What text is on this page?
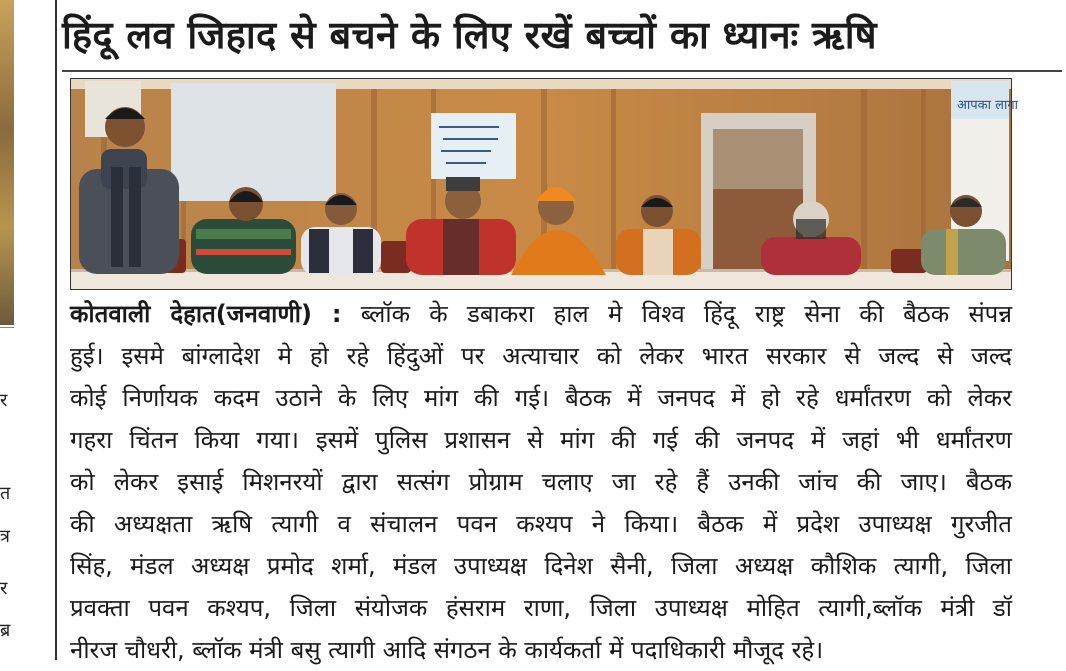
र
त
त्र
र
ब्र
हिंदू लव जिहाद से बचने के लिए रखें बच्चों का ध्यानः ऋषि
आपका लागा
कोतवाली देहात(जनवाणी) : ब्लॉक के डबाकरा हाल मे विश्व हिंदू राष्ट्र सेना की बैठक संपन्न
हुई। इसमे बांग्लादेश मे हो रहे हिंदुओं पर अत्याचार को लेकर भारत सरकार से जल्द से जल्द
कोई निर्णायक कदम उठाने के लिए मांग की गई। बैठक में जनपद में हो रहे धर्मांतरण को लेकर
गहरा चिंतन किया गया। इसमें पुलिस प्रशासन से मांग की गई की जनपद में जहां भी धर्मांतरण
को लेकर इसाई मिशनरयों द्वारा सत्संग प्रोग्राम चलाए जा रहे हैं उनकी जांच की जाए। बैठक
की अध्यक्षता ऋषि त्यागी व संचालन पवन कश्यप ने किया। बैठक में प्रदेश उपाध्यक्ष गुरजीत
सिंह, मंडल अध्यक्ष प्रमोद शर्मा, मंडल उपाध्यक्ष दिनेश सैनी, जिला अध्यक्ष कौशिक त्यागी, जिला
प्रवक्ता पवन कश्यप, जिला संयोजक हंसराम राणा, जिला उपाध्यक्ष मोहित त्यागी,ब्लॉक मंत्री डॉ
नीरज चौधरी, ब्लॉक मंत्री बसु त्यागी आदि संगठन के कार्यकर्ता में पदाधिकारी मौजूद रहे।
